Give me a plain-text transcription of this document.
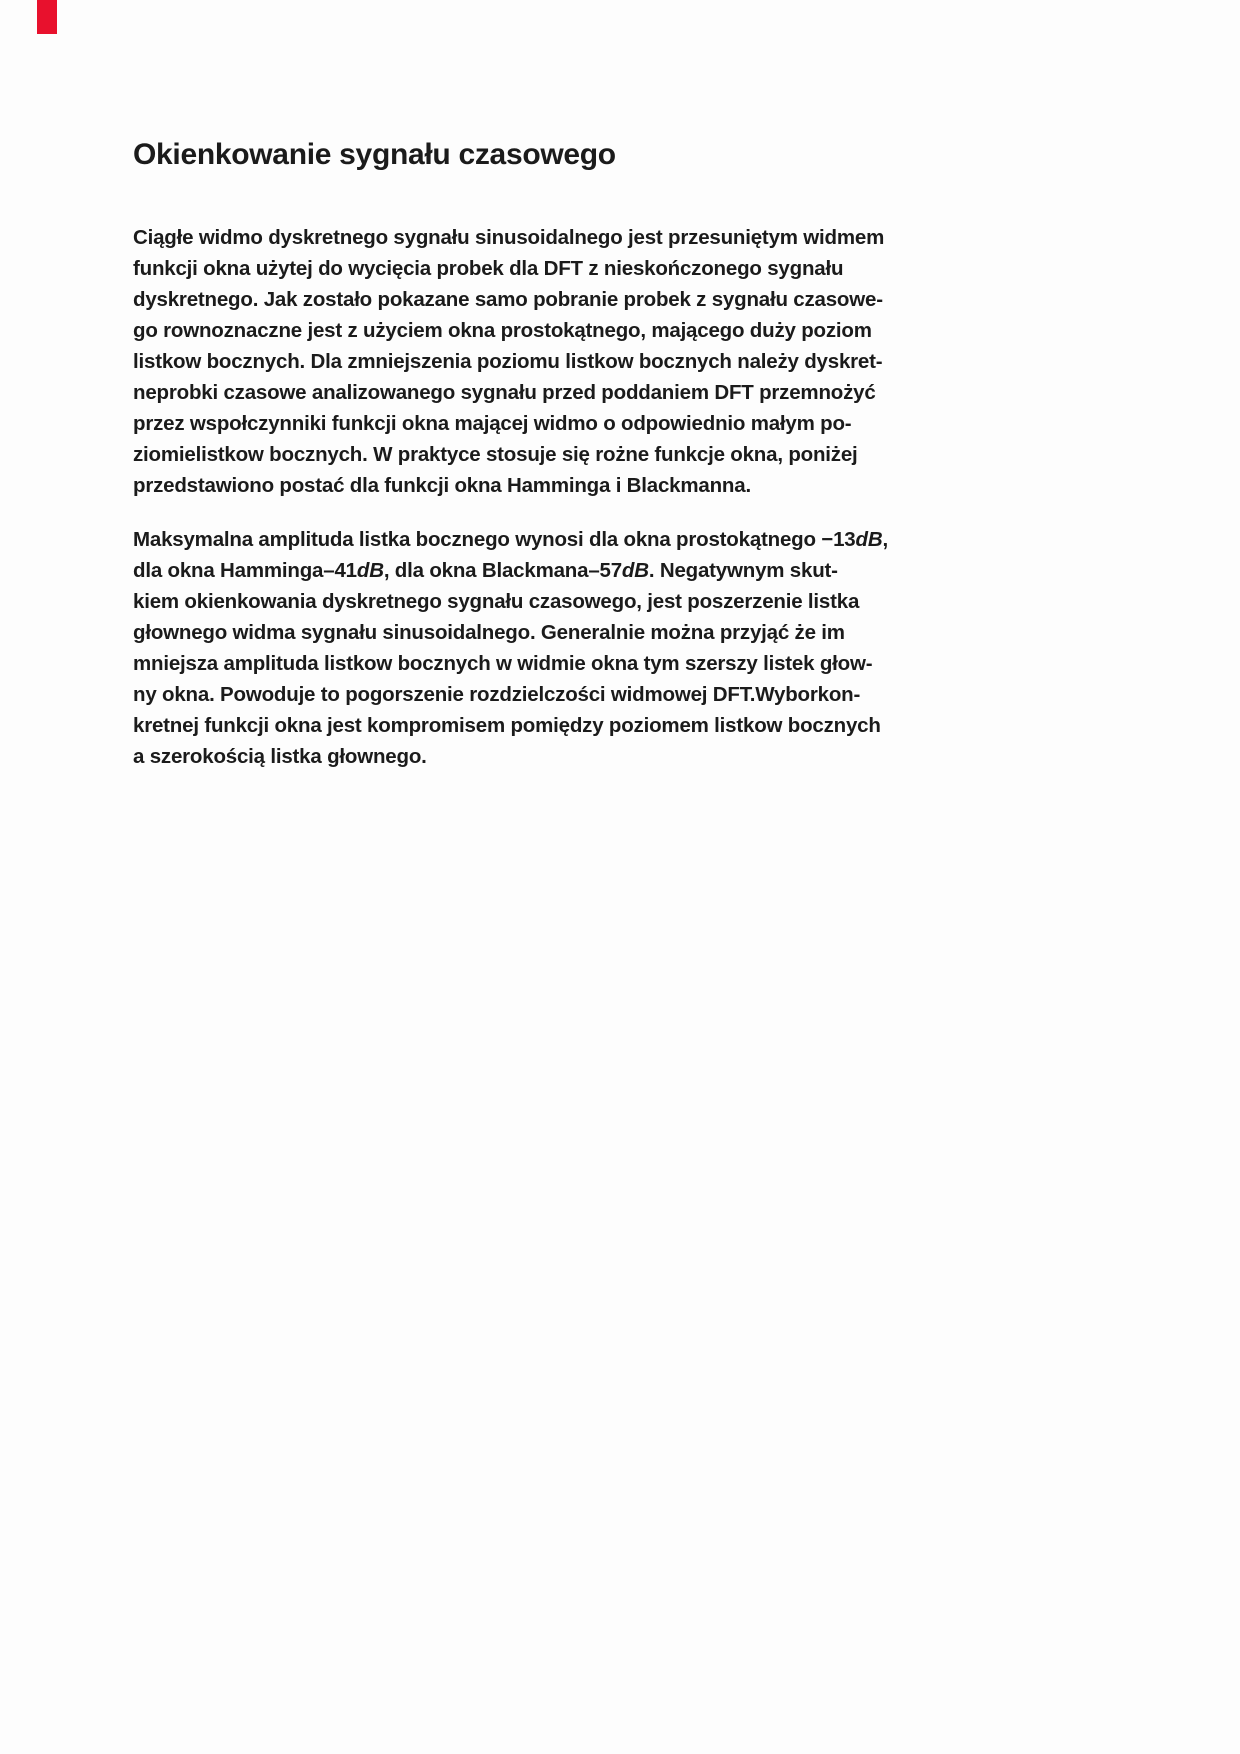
Okienkowanie sygnału czasowego
Ciągłe widmo dyskretnego sygnału sinusoidalnego jest przesuniętym widmem
funkcji okna użytej do wycięcia probek dla DFT z nieskończonego sygnału
dyskretnego. Jak zostało pokazane samo pobranie probek z sygnału czasowe-
go rownoznaczne jest z użyciem okna prostokątnego, mającego duży poziom
listkow bocznych. Dla zmniejszenia poziomu listkow bocznych należy dyskret-
neprobki czasowe analizowanego sygnału przed poddaniem DFT przemnożyć
przez wspołczynniki funkcji okna mającej widmo o odpowiednio małym po-
ziomielistkow bocznych. W praktyce stosuje się rożne funkcje okna, poniżej
przedstawiono postać dla funkcji okna Hamminga i Blackmanna.
Maksymalna amplituda listka bocznego wynosi dla okna prostokątnego −13dB,
dla okna Hamminga–41dB, dla okna Blackmana–57dB. Negatywnym skut-
kiem okienkowania dyskretnego sygnału czasowego, jest poszerzenie listka
głownego widma sygnału sinusoidalnego. Generalnie można przyjąć że im
mniejsza amplituda listkow bocznych w widmie okna tym szerszy listek głow-
ny okna. Powoduje to pogorszenie rozdzielczości widmowej DFT.Wyborkon-
kretnej funkcji okna jest kompromisem pomiędzy poziomem listkow bocznych
a szerokością listka głownego.
